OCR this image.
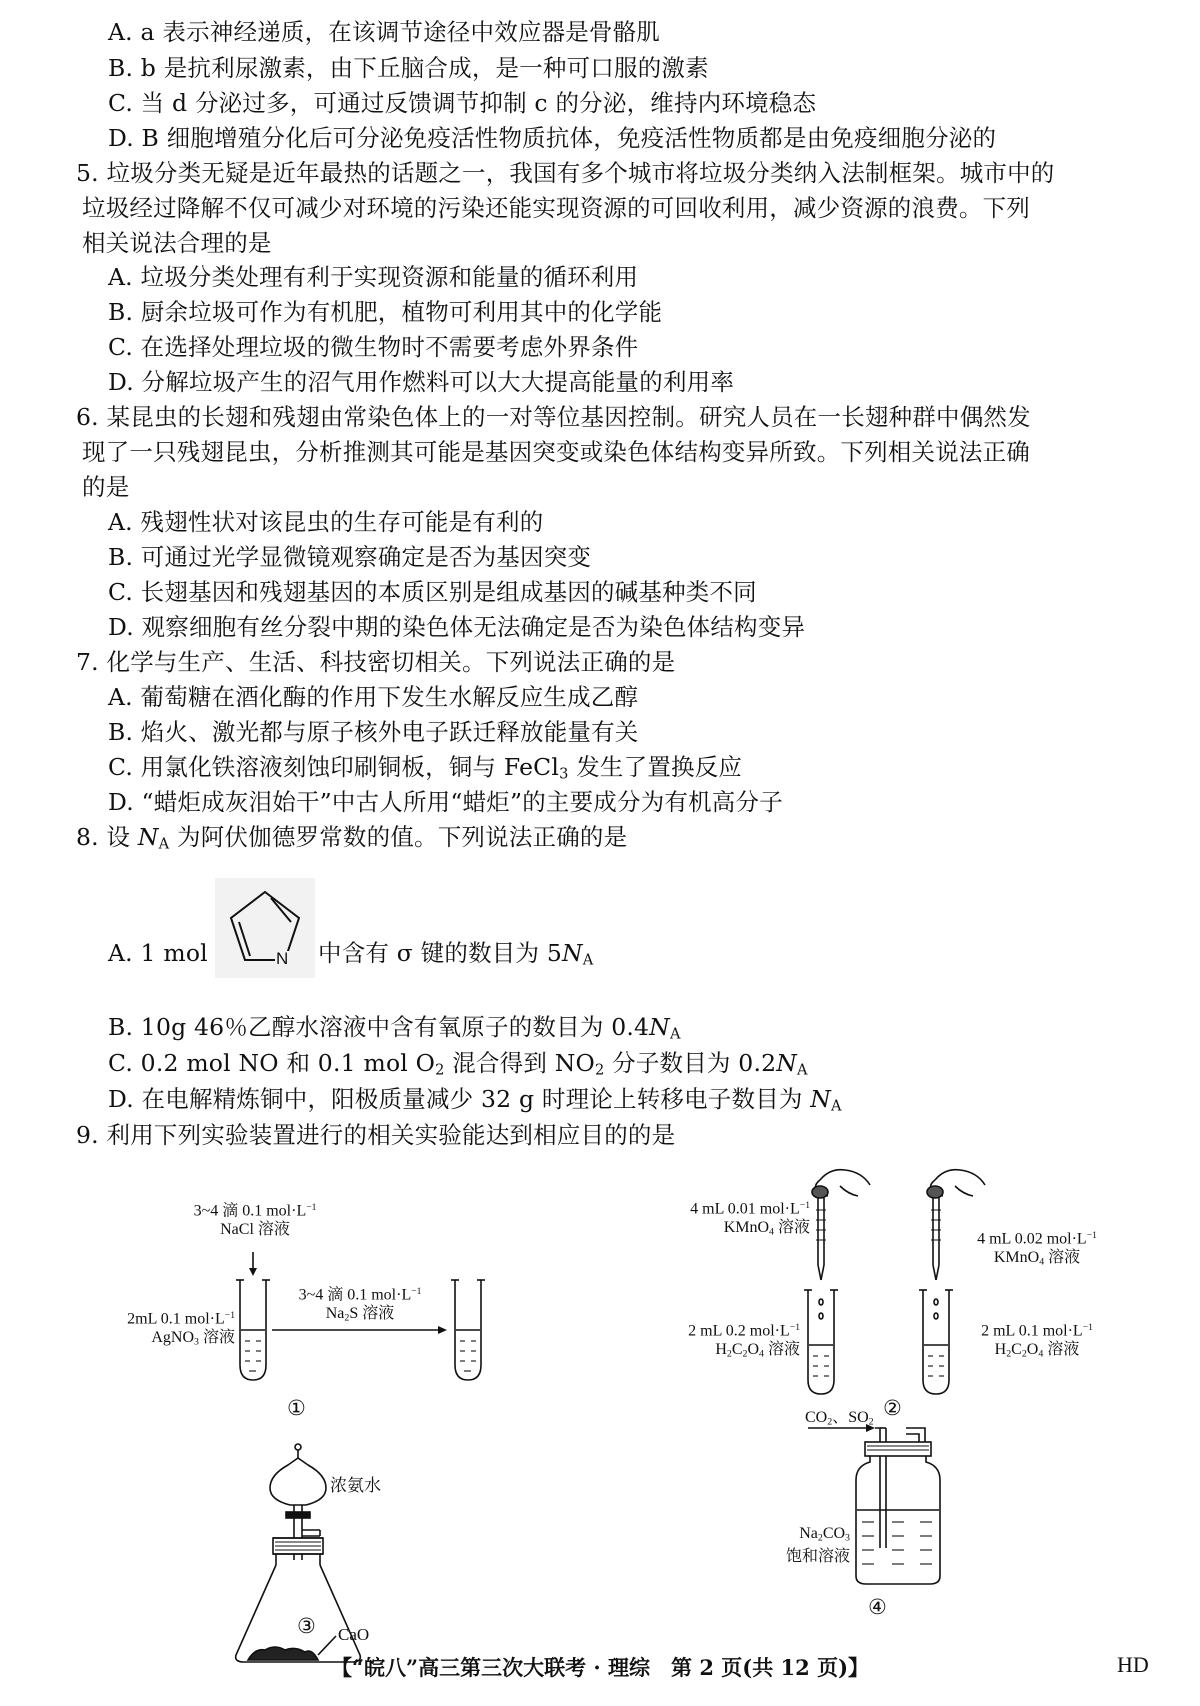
A. a 表示神经递质，在该调节途径中效应器是骨骼肌
B. b 是抗利尿激素，由下丘脑合成，是一种可口服的激素
C. 当 d 分泌过多，可通过反馈调节抑制 c 的分泌，维持内环境稳态
D. B 细胞增殖分化后可分泌免疫活性物质抗体，免疫活性物质都是由免疫细胞分泌的
5. 垃圾分类无疑是近年最热的话题之一，我国有多个城市将垃圾分类纳入法制框架。城市中的
垃圾经过降解不仅可减少对环境的污染还能实现资源的可回收利用，减少资源的浪费。下列
相关说法合理的是
A. 垃圾分类处理有利于实现资源和能量的循环利用
B. 厨余垃圾可作为有机肥，植物可利用其中的化学能
C. 在选择处理垃圾的微生物时不需要考虑外界条件
D. 分解垃圾产生的沼气用作燃料可以大大提高能量的利用率
6. 某昆虫的长翅和残翅由常染色体上的一对等位基因控制。研究人员在一长翅种群中偶然发
现了一只残翅昆虫，分析推测其可能是基因突变或染色体结构变异所致。下列相关说法正确
的是
A. 残翅性状对该昆虫的生存可能是有利的
B. 可通过光学显微镜观察确定是否为基因突变
C. 长翅基因和残翅基因的本质区别是组成基因的碱基种类不同
D. 观察细胞有丝分裂中期的染色体无法确定是否为染色体结构变异
7. 化学与生产、生活、科技密切相关。下列说法正确的是
A. 葡萄糖在酒化酶的作用下发生水解反应生成乙醇
B. 焰火、激光都与原子核外电子跃迁释放能量有关
C. 用氯化铁溶液刻蚀印刷铜板，铜与 FeCl$_3$ 发生了置换反应
D. “蜡炬成灰泪始干”中古人所用“蜡炬”的主要成分为有机高分子
8. 设 $N_A$ 为阿伏伽德罗常数的值。下列说法正确的是
A. 1 mol	N 中含有 σ 键的数目为 $5N_A$
B. 10g 46％乙醇水溶液中含有氧原子的数目为 $0.4N_A$
C. 0.2 mol NO 和 0.1 mol $O_2$ 混合得到 $NO_2$ 分子数目为 $0.2N_A$
D. 在电解精炼铜中，阳极质量减少 32 g 时理论上转移电子数目为 $N_A$
9. 利用下列实验装置进行的相关实验能达到相应目的的是
3~4 滴 0.1 $mol\cdot L^{-1}$
NaCl 溶液
2mL 0.1 $mol\cdot L^{-1}$
AgNO$_3$ 溶液
3~4 滴 0.1 $mol\cdot L^{-1}$
$Na_2S$ 溶液
①
4 mL 0.01 $mol\cdot L^{-1}$
KMnO$_4$ 溶液
2 mL 0.2 $mol\cdot L^{-1}$
$H_2C_2O_4$ 溶液
4 mL 0.02 $mol\cdot L^{-1}$
KMnO$_4$ 溶液
2 mL 0.1 $mol\cdot L^{-1}$
$H_2C_2O_4$ 溶液
②
浓氨水
CaO
③
$CO_2$、$SO_2$
$Na_2CO_3$
饱和溶液
④
【“皖八”高三第三次大联考 · 理综　第 2 页(共 12 页)】	HD
